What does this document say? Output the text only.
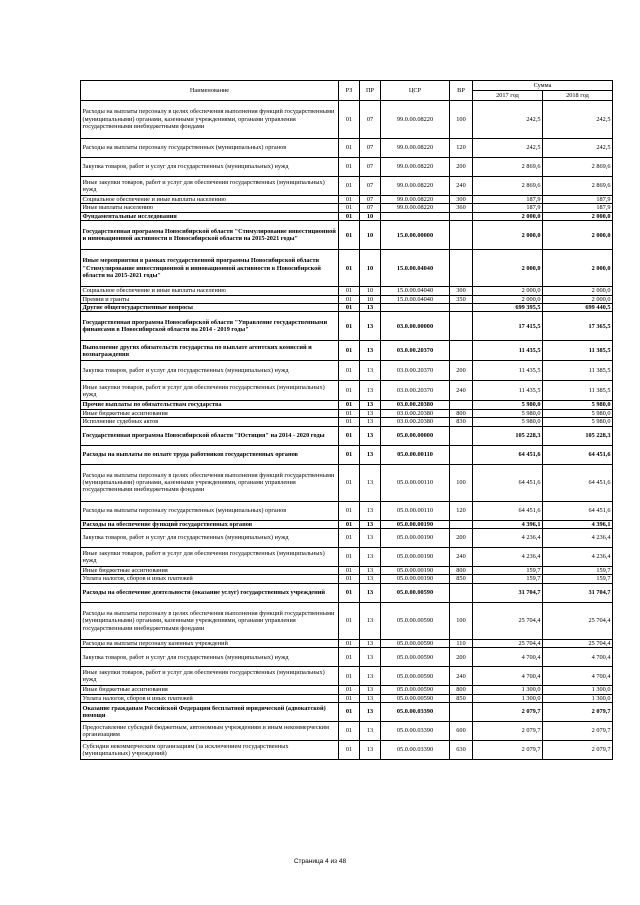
Наименование	РЗ	ПР	ЦСР	ВР	Сумма	
					2017 год	2018 год
Расходы на выплаты персоналу в целях обеспечения выполнения функций государственными (муниципальными) органами, казенными учреждениями, органами управления государственными внебюджетными фондами	01	07	99.0.00.08220	100	242,5	242,5
Расходы на выплаты персоналу государственных (муниципальных) органов	01	07	99.0.00.08220	120	242,5	242,5
Закупка товаров, работ и услуг для государственных (муниципальных) нужд	01	07	99.0.00.08220	200	2 869,6	2 869,6
Иные закупки товаров, работ и услуг для обеспечения государственных (муниципальных) нужд	01	07	99.0.00.08220	240	2 869,6	2 869,6
Социальное обеспечение и иные выплаты населению	01	07	99.0.00.08220	300	187,9	187,9
Иные выплаты населению	01	07	99.0.00.08220	360	187,9	187,9
Фундаментальные исследования	01	10			2 000,0	2 000,0
Государственная программа Новосибирской области "Стимулирование инвестиционной и инновационной активности в Новосибирской области на 2015-2021 годы"	01	10	15.0.00.00000		2 000,0	2 000,0
Иные мероприятия в рамках государственной программы Новосибирской области "Стимулирование инвестиционной и инновационной активности в Новосибирской области на 2015-2021 годы"	01	10	15.0.00.04040		2 000,0	2 000,0
Социальное обеспечение и иные выплаты населению	01	10	15.0.00.04040	300	2 000,0	2 000,0
Премии и гранты	01	10	15.0.00.04040	350	2 000,0	2 000,0
Другие общегосударственные вопросы	01	13			699 395,5	699 440,5
Государственная программа Новосибирской области "Управление государственными финансами в Новосибирской области на 2014 - 2019 годы"	01	13	03.0.00.00000		17 415,5	17 365,5
Выполнение других обязательств государства по выплате агентских комиссий и вознаграждения	01	13	03.0.00.20370		11 435,5	11 385,5
Закупка товаров, работ и услуг для государственных (муниципальных) нужд	01	13	03.0.00.20370	200	11 435,5	11 385,5
Иные закупки товаров, работ и услуг для обеспечения государственных (муниципальных) нужд	01	13	03.0.00.20370	240	11 435,5	11 385,5
Прочие выплаты по обязательствам государства	01	13	03.0.00.20380		5 980,0	5 980,0
Иные бюджетные ассигнования	01	13	03.0.00.20380	800	5 980,0	5 980,0
Исполнение судебных актов	01	13	03.0.00.20380	830	5 980,0	5 980,0
Государственная программа Новосибирской области "Юстиция" на 2014 - 2020 годы	01	13	05.0.00.00000		105 228,3	105 228,3
Расходы на выплаты по оплате труда работников государственных органов	01	13	05.0.00.00110		64 451,6	64 451,6
Расходы на выплаты персоналу в целях обеспечения выполнения функций государственными (муниципальными) органами, казенными учреждениями, органами управления государственными внебюджетными фондами	01	13	05.0.00.00110	100	64 451,6	64 451,6
Расходы на выплаты персоналу государственных (муниципальных) органов	01	13	05.0.00.00110	120	64 451,6	64 451,6
Расходы на обеспечение функций государственных органов	01	13	05.0.00.00190		4 396,1	4 396,1
Закупка товаров, работ и услуг для государственных (муниципальных) нужд	01	13	05.0.00.00190	200	4 236,4	4 236,4
Иные закупки товаров, работ и услуг для обеспечения государственных (муниципальных) нужд	01	13	05.0.00.00190	240	4 236,4	4 236,4
Иные бюджетные ассигнования	01	13	05.0.00.00190	800	159,7	159,7
Уплата налогов, сборов и иных платежей	01	13	05.0.00.00190	850	159,7	159,7
Расходы на обеспечение деятельности (оказание услуг) государственных учреждений	01	13	05.0.00.00590		31 704,7	31 704,7
Расходы на выплаты персоналу в целях обеспечения выполнения функций государственными (муниципальными) органами, казенными учреждениями, органами управления государственными внебюджетными фондами	01	13	05.0.00.00590	100	25 704,4	25 704,4
Расходы на выплаты персоналу казенных учреждений	01	13	05.0.00.00590	110	25 704,4	25 704,4
Закупка товаров, работ и услуг для государственных (муниципальных) нужд	01	13	05.0.00.00590	200	4 700,4	4 700,4
Иные закупки товаров, работ и услуг для обеспечения государственных (муниципальных) нужд	01	13	05.0.00.00590	240	4 700,4	4 700,4
Иные бюджетные ассигнования	01	13	05.0.00.00590	800	1 300,0	1 300,0
Уплата налогов, сборов и иных платежей	01	13	05.0.00.00590	850	1 300,0	1 300,0
Оказание гражданам Российской Федерации бесплатной юридической (адвокатской) помощи	01	13	05.0.00.03390		2 079,7	2 079,7
Предоставление субсидий бюджетным, автономным учреждениям и иным некоммерческим организациям	01	13	05.0.00.03390	600	2 079,7	2 079,7
Субсидии некоммерческим организациям (за исключением государственных (муниципальных) учреждений)	01	13	05.0.00.03390	630	2 079,7	2 079,7
Страница 4 из 48
